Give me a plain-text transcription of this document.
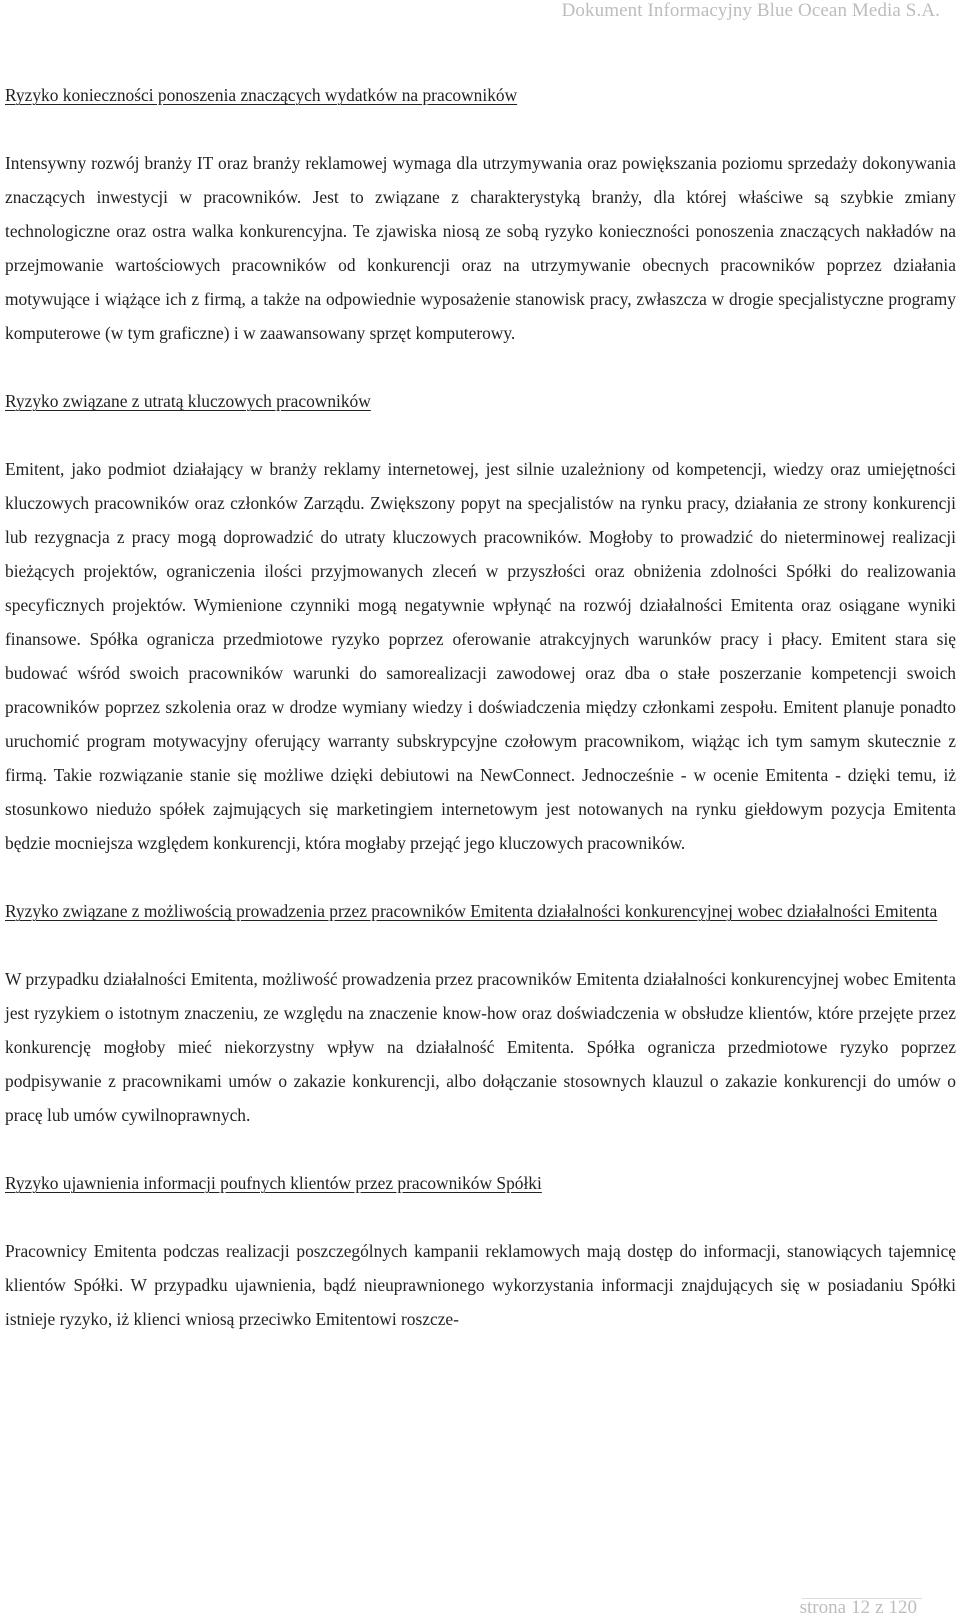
Dokument Informacyjny Blue Ocean Media S.A.

Ryzyko konieczności ponoszenia znaczących wydatków na pracowników

Intensywny rozwój branży IT oraz branży reklamowej wymaga dla utrzymywania oraz powiększania poziomu sprzedaży dokonywania znaczących inwestycji w pracowników. Jest to związane z charakterystyką branży, dla której właściwe są szybkie zmiany technologiczne oraz ostra walka konkurencyjna. Te zjawiska niosą ze sobą ryzyko konieczności ponoszenia znaczących nakładów na przejmowanie wartościowych pracowników od konkurencji oraz na utrzymywanie obecnych pracowników poprzez działania motywujące i wiążące ich z firmą, a także na odpowiednie wyposażenie stanowisk pracy, zwłaszcza w drogie specjalistyczne programy komputerowe (w tym graficzne) i w zaawansowany sprzęt komputerowy.

Ryzyko związane z utratą kluczowych pracowników

Emitent, jako podmiot działający w branży reklamy internetowej, jest silnie uzależniony od kompetencji, wiedzy oraz umiejętności kluczowych pracowników oraz członków Zarządu. Zwiększony popyt na specjalistów na rynku pracy, działania ze strony konkurencji lub rezygnacja z pracy mogą doprowadzić do utraty kluczowych pracowników. Mogłoby to prowadzić do nieterminowej realizacji bieżących projektów, ograniczenia ilości przyjmowanych zleceń w przyszłości oraz obniżenia zdolności Spółki do realizowania specyficznych projektów. Wymienione czynniki mogą negatywnie wpłynąć na rozwój działalności Emitenta oraz osiągane wyniki finansowe. Spółka ogranicza przedmiotowe ryzyko poprzez oferowanie atrakcyjnych warunków pracy i płacy. Emitent stara się budować wśród swoich pracowników warunki do samorealizacji zawodowej oraz dba o stałe poszerzanie kompetencji swoich pracowników poprzez szkolenia oraz w drodze wymiany wiedzy i doświadczenia między członkami zespołu. Emitent planuje ponadto uruchomić program motywacyjny oferujący warranty subskrypcyjne czołowym pracownikom, wiążąc ich tym samym skutecznie z firmą. Takie rozwiązanie stanie się możliwe dzięki debiutowi na NewConnect. Jednocześnie - w ocenie Emitenta - dzięki temu, iż stosunkowo niedużo spółek zajmujących się marketingiem internetowym jest notowanych na rynku giełdowym pozycja Emitenta będzie mocniejsza względem konkurencji, która mogłaby przejąć jego kluczowych pracowników.

Ryzyko związane z możliwością prowadzenia przez pracowników Emitenta działalności konkurencyjnej wobec działalności Emitenta

W przypadku działalności Emitenta, możliwość prowadzenia przez pracowników Emitenta działalności konkurencyjnej wobec Emitenta jest ryzykiem o istotnym znaczeniu, ze względu na znaczenie know-how oraz doświadczenia w obsłudze klientów, które przejęte przez konkurencję mogłoby mieć niekorzystny wpływ na działalność Emitenta. Spółka ogranicza przedmiotowe ryzyko poprzez podpisywanie z pracownikami umów o zakazie konkurencji, albo dołączanie stosownych klauzul o zakazie konkurencji do umów o pracę lub umów cywilnoprawnych.

Ryzyko ujawnienia informacji poufnych klientów przez pracowników Spółki

Pracownicy Emitenta podczas realizacji poszczególnych kampanii reklamowych mają dostęp do informacji, stanowiących tajemnicę klientów Spółki. W przypadku ujawnienia, bądź nieuprawnionego wykorzystania informacji znajdujących się w posiadaniu Spółki istnieje ryzyko, iż klienci wniosą przeciwko Emitentowi roszcze-

strona 12 z 120
